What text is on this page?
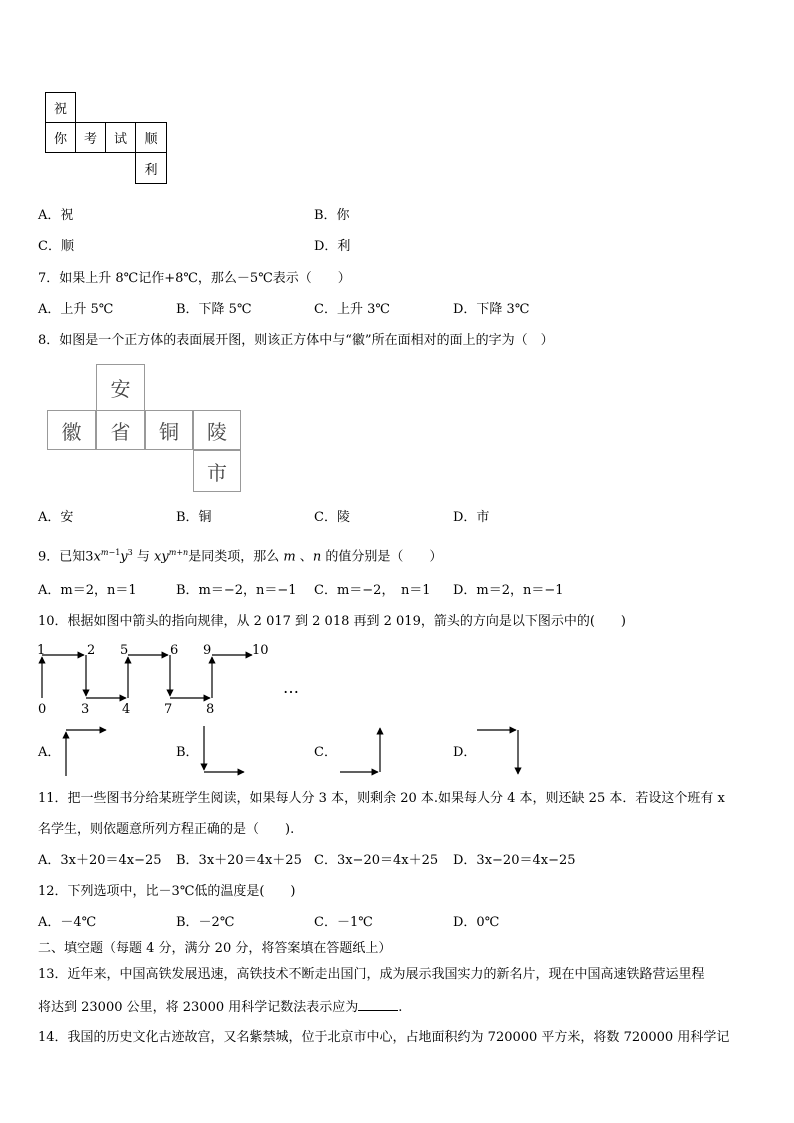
祝
你	考	试	顺
利
A．祝	B．你
C．顺	D．利
7．如果上升 8℃记作+8℃，那么－5℃表示（　　）
A．上升 5℃	B．下降 5℃	C．上升 3℃	D．下降 3℃
8．如图是一个正方体的表面展开图，则该正方体中与“徽”所在面相对的面上的字为（　）
安
徽	省	铜	陵
市
A．安	B．铜	C．陵	D．市
9．已知$3x^{m-1}y^3$ 与 $xy^{m+n}$是同类项，那么 m 、n 的值分别是（　　）
A．m＝2，n＝1	B．m＝−2，n＝−1 C．m＝−2，　n＝1 D．m＝2，n＝−1
10．根据如图中箭头的指向规律，从 2 017 到 2 018 再到 2 019，箭头的方向是以下图示中的(　　)
1	2 5	6 9	10
0	3	4	7	8
…
A．	B．	C．	D．
11．把一些图书分给某班学生阅读，如果每人分 3 本，则剩余 20 本.如果每人分 4 本，则还缺 25 本．若设这个班有 x
名学生，则依题意所列方程正确的是（　　).
A．3x＋20＝4x−25 B．3x＋20＝4x＋25 C．3x−20＝4x＋25 D．3x−20＝4x−25
12．下列选项中，比－3℃低的温度是(　　)
A．－4℃	B．－2℃	C．－1℃	D．0℃
二、填空题（每题 4 分，满分 20 分，将答案填在答题纸上）
13．近年来，中国高铁发展迅速，高铁技术不断走出国门，成为展示我国实力的新名片，现在中国高速铁路营运里程
将达到 23000 公里，将 23000 用科学记数法表示应为	.
14．我国的历史文化古迹故宫，又名紫禁城，位于北京市中心，占地面积约为 720000 平方米，将数 720000 用科学记
